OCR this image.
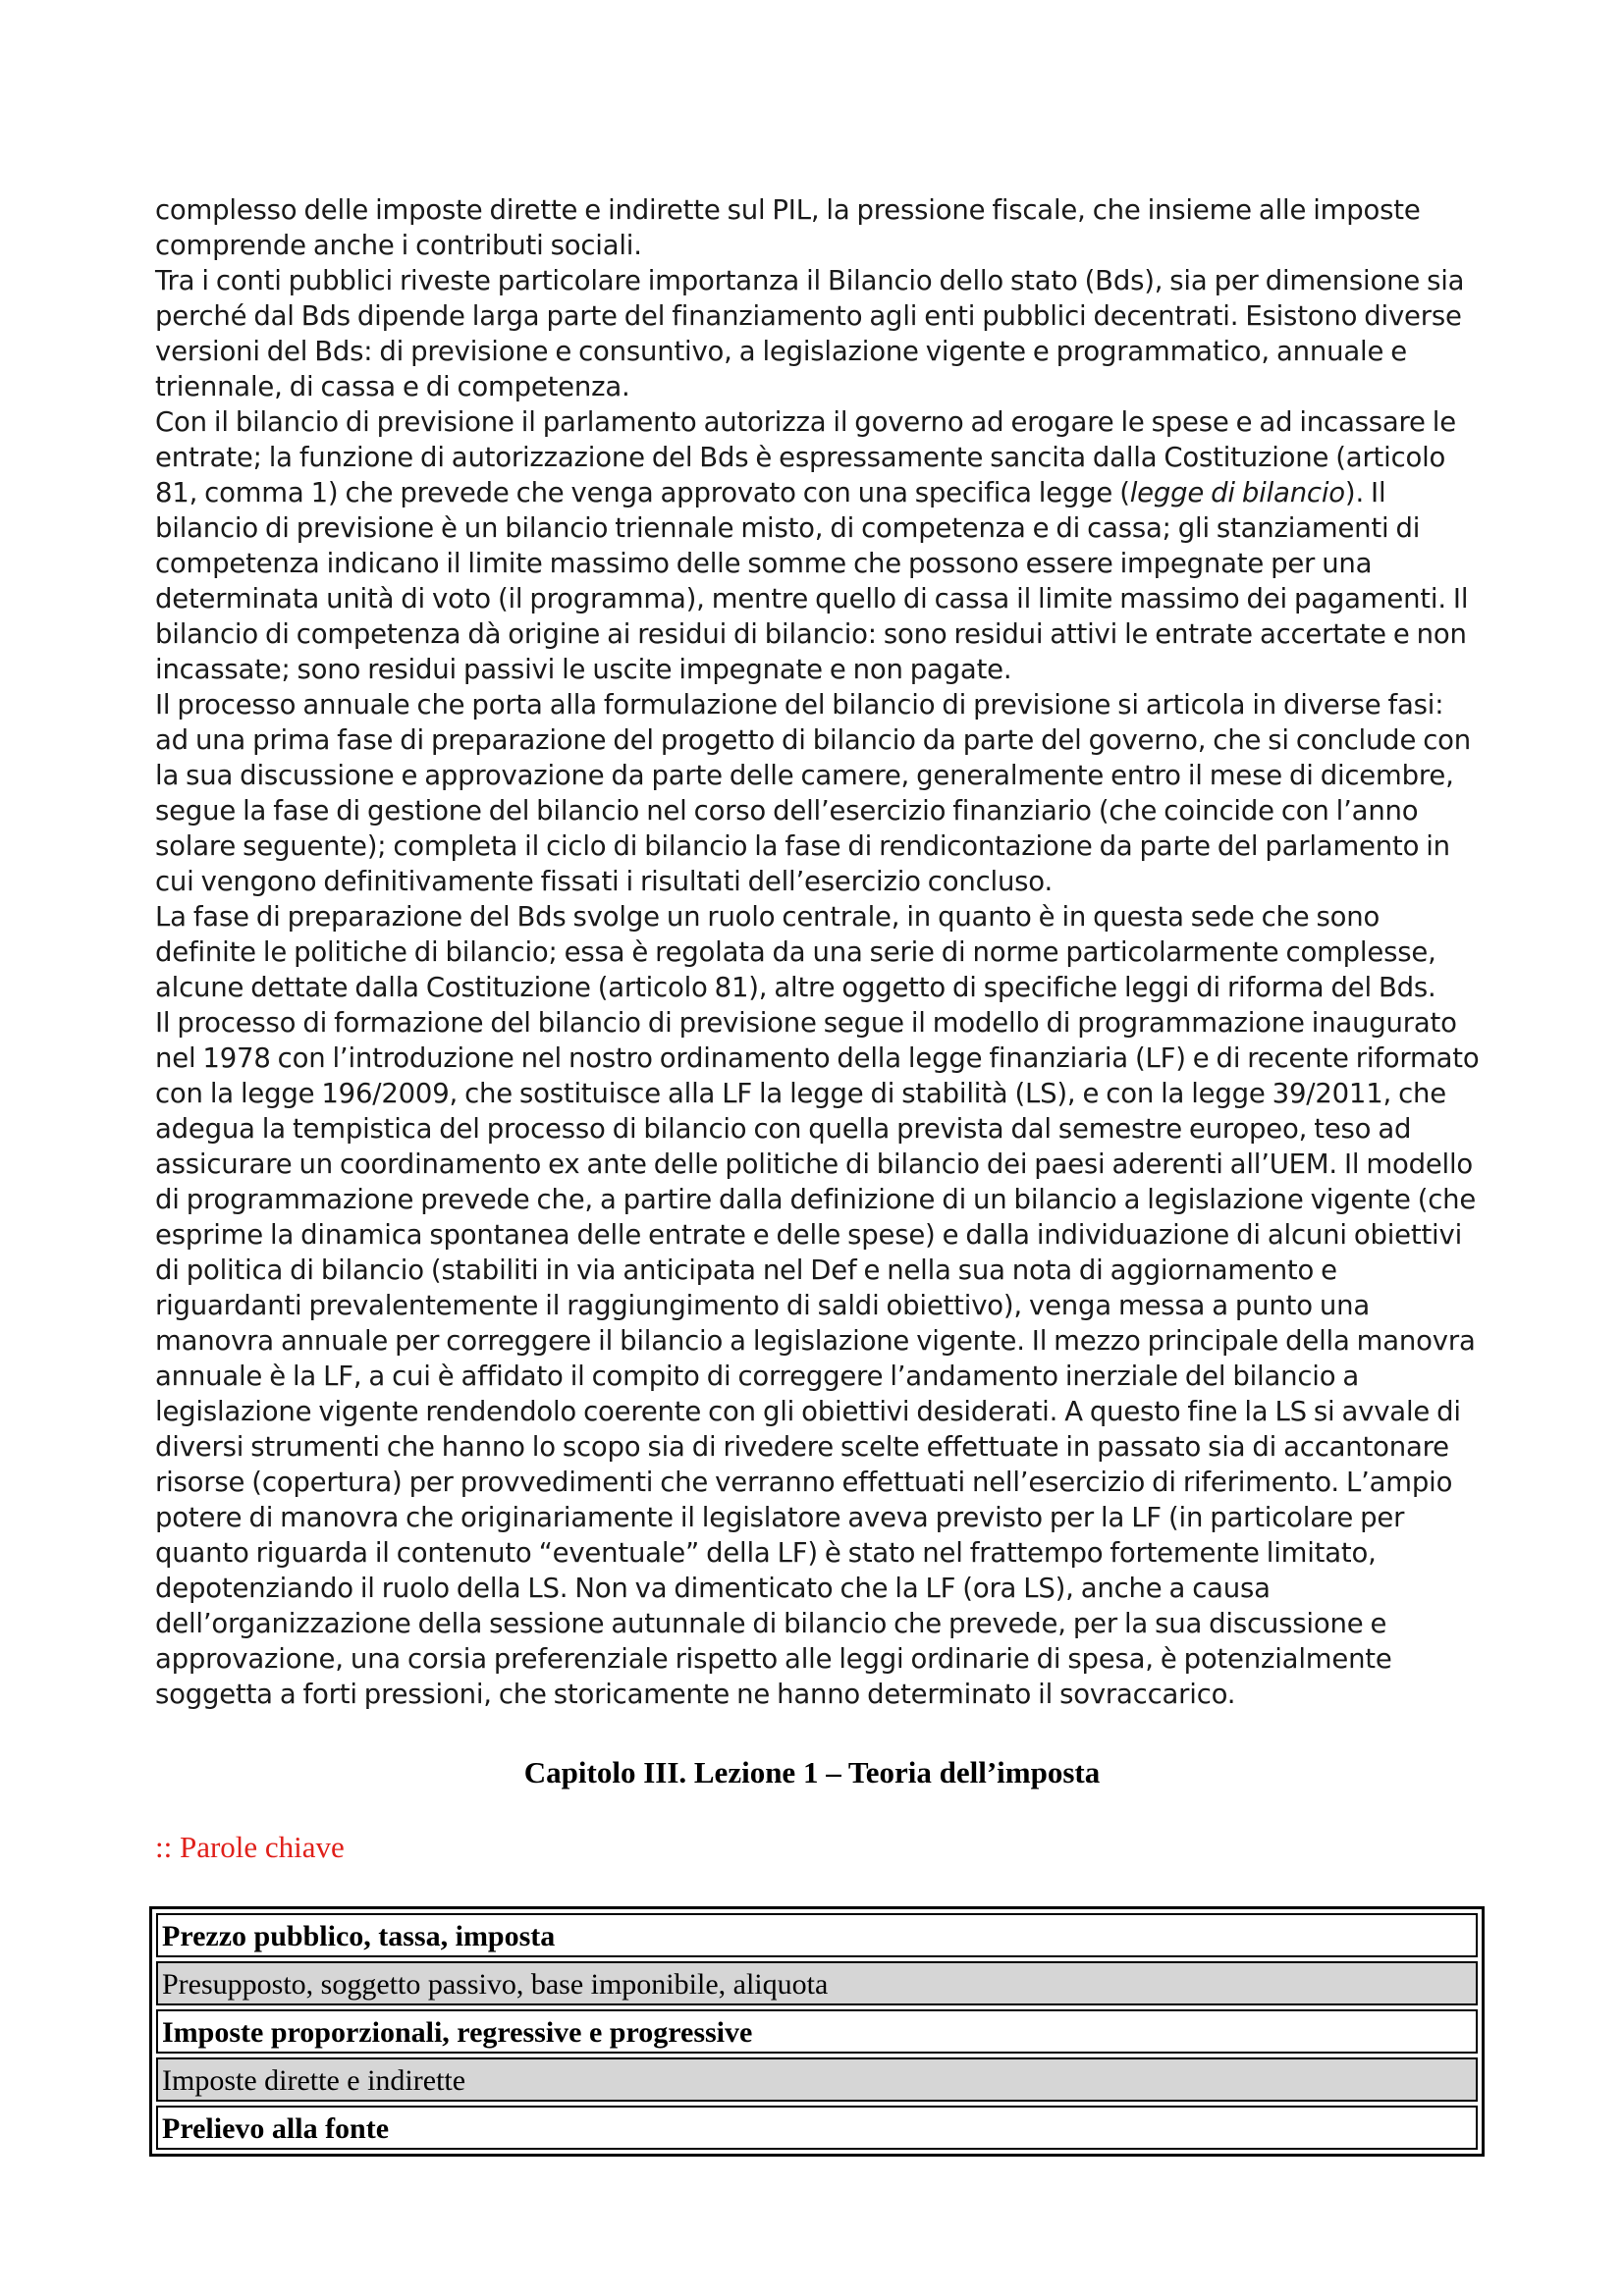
complesso delle imposte dirette e indirette sul PIL, la pressione fiscale, che insieme alle imposte comprende anche i contributi sociali.

Tra i conti pubblici riveste particolare importanza il Bilancio dello stato (Bds), sia per dimensione sia perché dal Bds dipende larga parte del finanziamento agli enti pubblici decentrati. Esistono diverse versioni del Bds: di previsione e consuntivo, a legislazione vigente e programmatico, annuale e triennale, di cassa e di competenza.

Con il bilancio di previsione il parlamento autorizza il governo ad erogare le spese e ad incassare le entrate; la funzione di autorizzazione del Bds è espressamente sancita dalla Costituzione (articolo 81, comma 1) che prevede che venga approvato con una specifica legge (legge di bilancio). Il bilancio di previsione è un bilancio triennale misto, di competenza e di cassa; gli stanziamenti di competenza indicano il limite massimo delle somme che possono essere impegnate per una determinata unità di voto (il programma), mentre quello di cassa il limite massimo dei pagamenti. Il bilancio di competenza dà origine ai residui di bilancio: sono residui attivi le entrate accertate e non incassate; sono residui passivi le uscite impegnate e non pagate.

Il processo annuale che porta alla formulazione del bilancio di previsione si articola in diverse fasi: ad una prima fase di preparazione del progetto di bilancio da parte del governo, che si conclude con la sua discussione e approvazione da parte delle camere, generalmente entro il mese di dicembre, segue la fase di gestione del bilancio nel corso dell’esercizio finanziario (che coincide con l’anno solare seguente); completa il ciclo di bilancio la fase di rendicontazione da parte del parlamento in cui vengono definitivamente fissati i risultati dell’esercizio concluso.

La fase di preparazione del Bds svolge un ruolo centrale, in quanto è in questa sede che sono definite le politiche di bilancio; essa è regolata da una serie di norme particolarmente complesse, alcune dettate dalla Costituzione (articolo 81), altre oggetto di specifiche leggi di riforma del Bds.

Il processo di formazione del bilancio di previsione segue il modello di programmazione inaugurato nel 1978 con l’introduzione nel nostro ordinamento della legge finanziaria (LF) e di recente riformato con la legge 196/2009, che sostituisce alla LF la legge di stabilità (LS), e con la legge 39/2011, che adegua la tempistica del processo di bilancio con quella prevista dal semestre europeo, teso ad assicurare un coordinamento ex ante delle politiche di bilancio dei paesi aderenti all’UEM. Il modello di programmazione prevede che, a partire dalla definizione di un bilancio a legislazione vigente (che esprime la dinamica spontanea delle entrate e delle spese) e dalla individuazione di alcuni obiettivi di politica di bilancio (stabiliti in via anticipata nel Def e nella sua nota di aggiornamento e riguardanti prevalentemente il raggiungimento di saldi obiettivo), venga messa a punto una manovra annuale per correggere il bilancio a legislazione vigente. Il mezzo principale della manovra annuale è la LF, a cui è affidato il compito di correggere l’andamento inerziale del bilancio a legislazione vigente rendendolo coerente con gli obiettivi desiderati. A questo fine la LS si avvale di diversi strumenti che hanno lo scopo sia di rivedere scelte effettuate in passato sia di accantonare risorse (copertura) per provvedimenti che verranno effettuati nell’esercizio di riferimento. L’ampio potere di manovra che originariamente il legislatore aveva previsto per la LF (in particolare per quanto riguarda il contenuto “eventuale” della LF) è stato nel frattempo fortemente limitato, depotenziando il ruolo della LS. Non va dimenticato che la LF (ora LS), anche a causa dell’organizzazione della sessione autunnale di bilancio che prevede, per la sua discussione e approvazione, una corsia preferenziale rispetto alle leggi ordinarie di spesa, è potenzialmente soggetta a forti pressioni, che storicamente ne hanno determinato il sovraccarico.

Capitolo III. Lezione 1 – Teoria dell’imposta
:: Parole chiave
Prezzo pubblico, tassa, imposta
Presupposto, soggetto passivo, base imponibile, aliquota
Imposte proporzionali, regressive e progressive
Imposte dirette e indirette
Prelievo alla fonte
